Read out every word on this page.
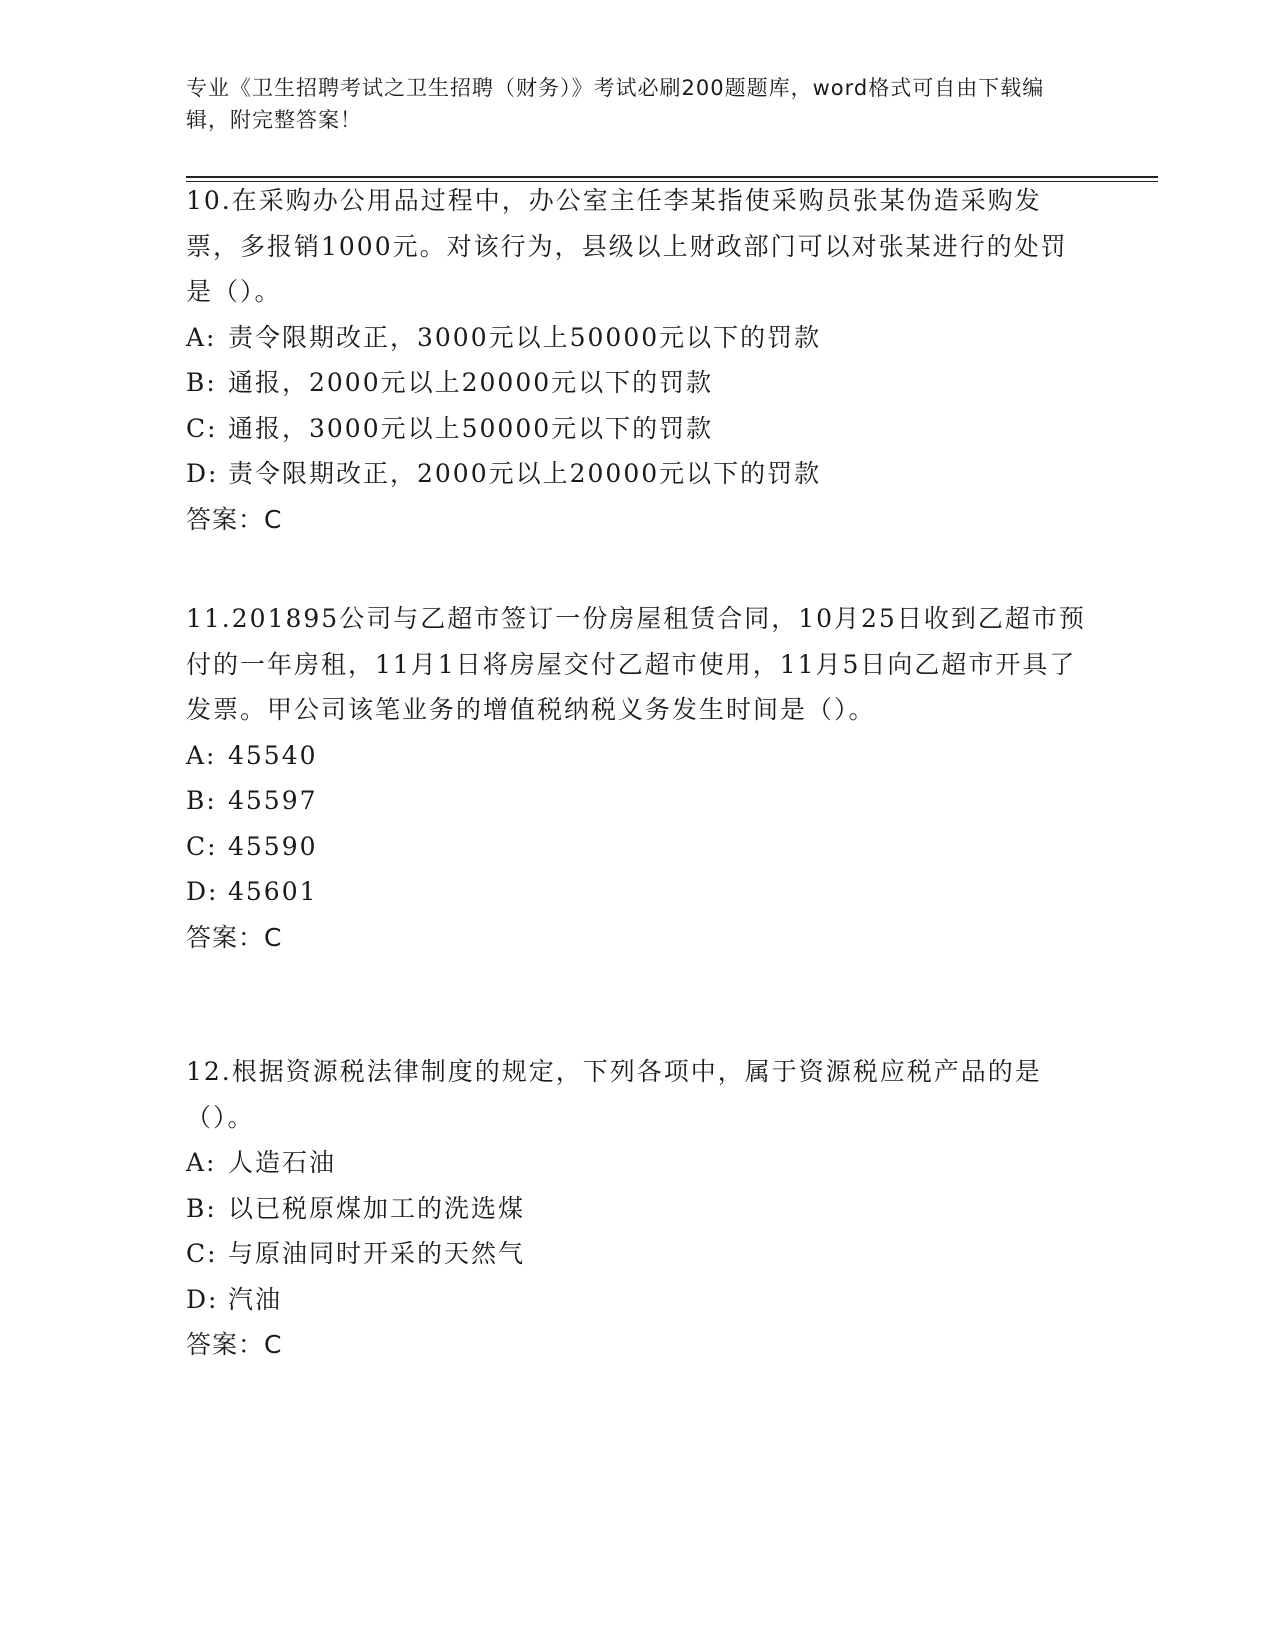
专业《卫生招聘考试之卫生招聘（财务）》考试必刷200题题库，word格式可自由下载编辑，附完整答案！

10.在采购办公用品过程中，办公室主任李某指使采购员张某伪造采购发票，多报销1000元。对该行为，县级以上财政部门可以对张某进行的处罚是（）。

A: 责令限期改正，3000元以上50000元以下的罚款

B: 通报，2000元以上20000元以下的罚款

C: 通报，3000元以上50000元以下的罚款

D: 责令限期改正，2000元以上20000元以下的罚款

答案：C

11.201895公司与乙超市签订一份房屋租赁合同，10月25日收到乙超市预付的一年房租，11月1日将房屋交付乙超市使用，11月5日向乙超市开具了发票。甲公司该笔业务的增值税纳税义务发生时间是（）。

A: 45540

B: 45597

C: 45590

D: 45601

答案：C

12.根据资源税法律制度的规定，下列各项中，属于资源税应税产品的是（）。

A: 人造石油

B: 以已税原煤加工的洗选煤

C: 与原油同时开采的天然气

D: 汽油

答案：C
